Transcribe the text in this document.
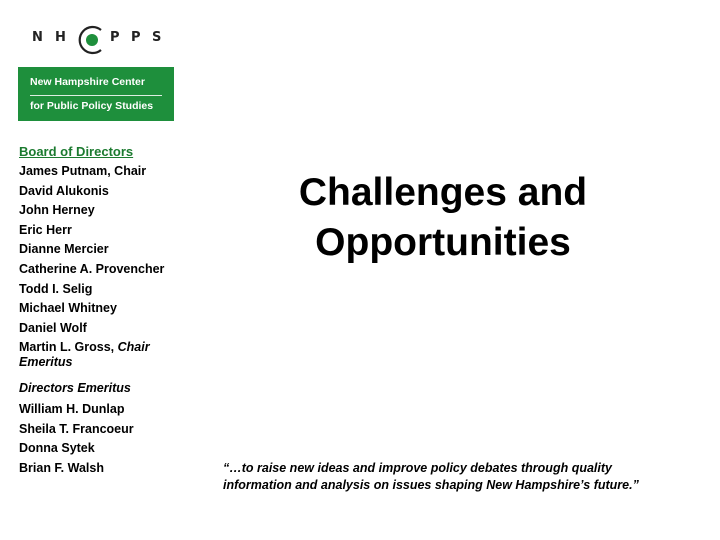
N H	P P S
New Hampshire Center
for Public Policy Studies
Board of Directors
James Putnam, Chair
David Alukonis
John Herney
Eric Herr
Dianne Mercier
Catherine A. Provencher
Todd I. Selig
Michael Whitney
Daniel Wolf
Martin L. Gross, Chair Emeritus
Directors Emeritus
William H. Dunlap
Sheila T. Francoeur
Donna Sytek
Brian F. Walsh
Challenges and
Opportunities
“…to raise new ideas and improve policy debates through quality
information and analysis on issues shaping New Hampshire’s future.”
